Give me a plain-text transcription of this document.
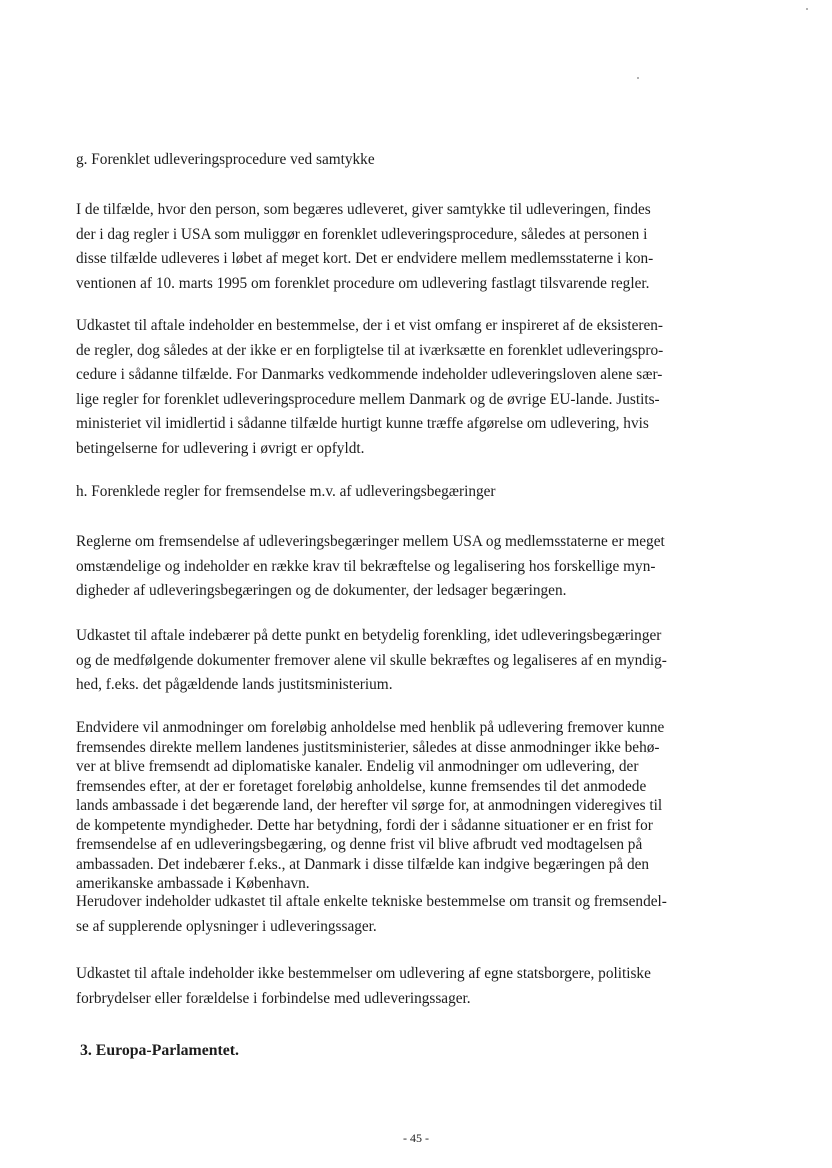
g. Forenklet udleveringsprocedure ved samtykke
I de tilfælde, hvor den person, som begæres udleveret, giver samtykke til udleveringen, findes
der i dag regler i USA som muliggør en forenklet udleveringsprocedure, således at personen i
disse tilfælde udleveres i løbet af meget kort. Det er endvidere mellem medlemsstaterne i kon-
ventionen af 10. marts 1995 om forenklet procedure om udlevering fastlagt tilsvarende regler.
Udkastet til aftale indeholder en bestemmelse, der i et vist omfang er inspireret af de eksisteren-
de regler, dog således at der ikke er en forpligtelse til at iværksætte en forenklet udleveringspro-
cedure i sådanne tilfælde. For Danmarks vedkommende indeholder udleveringsloven alene sær-
lige regler for forenklet udleveringsprocedure mellem Danmark og de øvrige EU-lande. Justits-
ministeriet vil imidlertid i sådanne tilfælde hurtigt kunne træffe afgørelse om udlevering, hvis
betingelserne for udlevering i øvrigt er opfyldt.
h. Forenklede regler for fremsendelse m.v. af udleveringsbegæringer
Reglerne om fremsendelse af udleveringsbegæringer mellem USA og medlemsstaterne er meget
omstændelige og indeholder en række krav til bekræftelse og legalisering hos forskellige myn-
digheder af udleveringsbegæringen og de dokumenter, der ledsager begæringen.
Udkastet til aftale indebærer på dette punkt en betydelig forenkling, idet udleveringsbegæringer
og de medfølgende dokumenter fremover alene vil skulle bekræftes og legaliseres af en myndig-
hed, f.eks. det pågældende lands justitsministerium.
Endvidere vil anmodninger om foreløbig anholdelse med henblik på udlevering fremover kunne
fremsendes direkte mellem landenes justitsministerier, således at disse anmodninger ikke behø-
ver at blive fremsendt ad diplomatiske kanaler. Endelig vil anmodninger om udlevering, der
fremsendes efter, at der er foretaget foreløbig anholdelse, kunne fremsendes til det anmodede
lands ambassade i det begærende land, der herefter vil sørge for, at anmodningen videregives til
de kompetente myndigheder. Dette har betydning, fordi der i sådanne situationer er en frist for
fremsendelse af en udleveringsbegæring, og denne frist vil blive afbrudt ved modtagelsen på
ambassaden. Det indebærer f.eks., at Danmark i disse tilfælde kan indgive begæringen på den
amerikanske ambassade i København.
Herudover indeholder udkastet til aftale enkelte tekniske bestemmelse om transit og fremsendel-
se af supplerende oplysninger i udleveringssager.
Udkastet til aftale indeholder ikke bestemmelser om udlevering af egne statsborgere, politiske
forbrydelser eller forældelse i forbindelse med udleveringssager.
3. Europa-Parlamentet.
- 45 -
